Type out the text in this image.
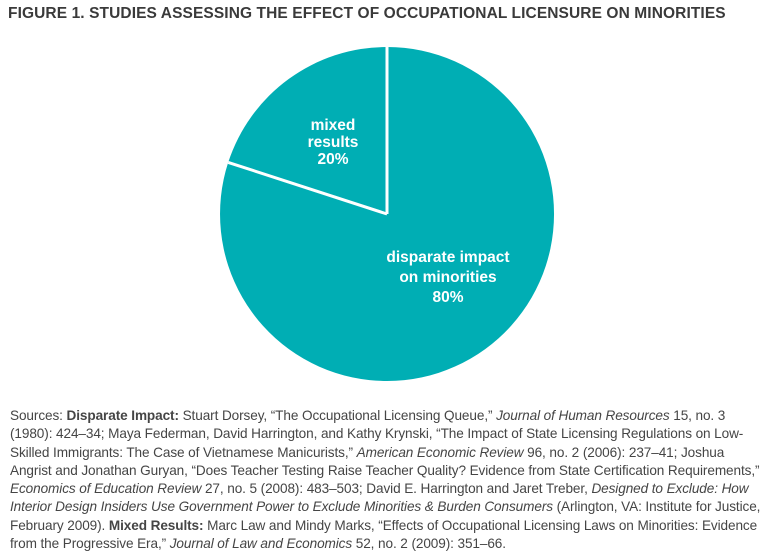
FIGURE 1. STUDIES ASSESSING THE EFFECT OF OCCUPATIONAL LICENSURE ON MINORITIES
disparate impact
on minorities
80%
mixed
results
20%

Sources: Disparate Impact: Stuart Dorsey, “The Occupational Licensing Queue,” Journal of Human Resources 15, no. 3 (1980): 424–34; Maya Federman, David Harrington, and Kathy Krynski, “The Impact of State Licensing Regulations on Low-Skilled Immigrants: The Case of Vietnamese Manicurists,” American Economic Review 96, no. 2 (2006): 237–41; Joshua Angrist and Jonathan Guryan, “Does Teacher Testing Raise Teacher Quality? Evidence from State Certification Requirements,” Economics of Education Review 27, no. 5 (2008): 483–503; David E. Harrington and Jaret Treber, Designed to Exclude: How Interior Design Insiders Use Government Power to Exclude Minorities & Burden Consumers (Arlington, VA: Institute for Justice, February 2009). Mixed Results: Marc Law and Mindy Marks, “Effects of Occupational Licensing Laws on Minorities: Evidence from the Progressive Era,” Journal of Law and Economics 52, no. 2 (2009): 351–66.
